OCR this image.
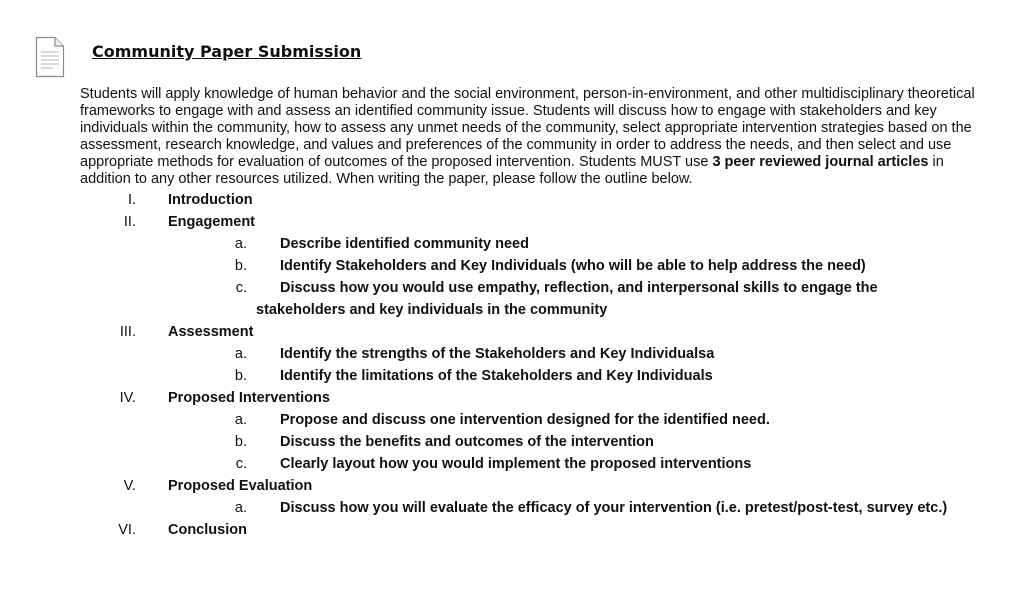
Community Paper Submission
Students will apply knowledge of human behavior and the social environment, person-in-environment, and other multidisciplinary theoretical frameworks to engage with and assess an identified community issue. Students will discuss how to engage with stakeholders and key individuals within the community, how to assess any unmet needs of the community, select appropriate intervention strategies based on the assessment, research knowledge, and values and preferences of the community in order to address the needs, and then select and use appropriate methods for evaluation of outcomes of the proposed intervention. Students MUST use 3 peer reviewed journal articles in addition to any other resources utilized. When writing the paper, please follow the outline below.
I. Introduction
II. Engagement
a. Describe identified community need
b. Identify Stakeholders and Key Individuals (who will be able to help address the need)
c. Discuss how you would use empathy, reflection, and interpersonal skills to engage the
stakeholders and key individuals in the community
III. Assessment
a. Identify the strengths of the Stakeholders and Key Individualsa
b. Identify the limitations of the Stakeholders and Key Individuals
IV. Proposed Interventions
a. Propose and discuss one intervention designed for the identified need.
b. Discuss the benefits and outcomes of the intervention
c. Clearly layout how you would implement the proposed interventions
V. Proposed Evaluation
a. Discuss how you will evaluate the efficacy of your intervention (i.e. pretest/post-test, survey etc.)
VI. Conclusion
